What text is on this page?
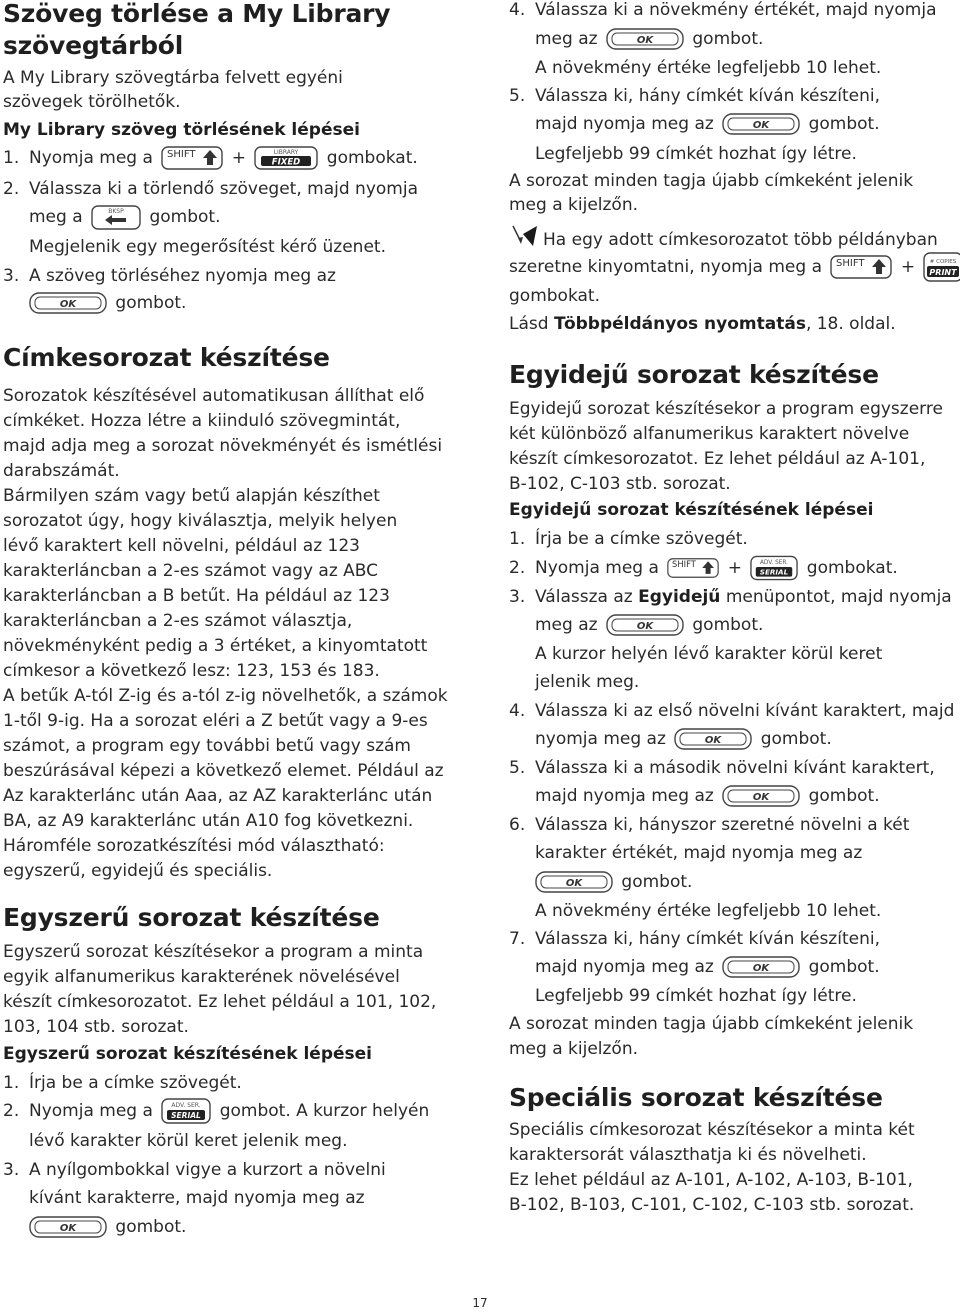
Szöveg törlése a My Library
szövegtárból

A My Library szövegtárba felvett egyéni

szövegek törölhetők.

My Library szöveg törlésének lépései

1. Nyomja meg a SHIFT +	LIBRARY
FIXED gombokat.
2. Válassza ki a törlendő szöveget, majd nyomja
meg a	BKSP gombot.
Megjelenik egy megerősítést kérő üzenet.
3. A szöveg törléséhez nyomja meg az
OK gombot.
Címkesorozat készítése

Sorozatok készítésével automatikusan állíthat elő

címkéket. Hozza létre a kiinduló szövegmintát,

majd adja meg a sorozat növekményét és ismétlési

darabszámát.

Bármilyen szám vagy betű alapján készíthet

sorozatot úgy, hogy kiválasztja, melyik helyen

lévő karaktert kell növelni, például az 123

karakterláncban a 2-es számot vagy az ABC

karakterláncban a B betűt. Ha például az 123

karakterláncban a 2-es számot választja,

növekményként pedig a 3 értéket, a kinyomtatott

címkesor a következő lesz: 123, 153 és 183.

A betűk A-tól Z-ig és a-tól z-ig növelhetők, a számok

1-től 9-ig. Ha a sorozat eléri a Z betűt vagy a 9-es

számot, a program egy további betű vagy szám

beszúrásával képezi a következő elemet. Például az

Az karakterlánc után Aaa, az AZ karakterlánc után

BA, az A9 karakterlánc után A10 fog következni.

Háromféle sorozatkészítési mód választható:

egyszerű, egyidejű és speciális.

Egyszerű sorozat készítése

Egyszerű sorozat készítésekor a program a minta

egyik alfanumerikus karakterének növelésével

készít címkesorozatot. Ez lehet például a 101, 102,

103, 104 stb. sorozat.

Egyszerű sorozat készítésének lépései

1. Írja be a címke szövegét.
2. Nyomja meg a	ADV. SER.
SERIAL gombot. A kurzor helyén
lévő karakter körül keret jelenik meg.
3. A nyílgombokkal vigye a kurzort a növelni
kívánt karakterre, majd nyomja meg az
OK gombot.
4. Válassza ki a növekmény értékét, majd nyomja
meg az	OK gombot.
A növekmény értéke legfeljebb 10 lehet.
5. Válassza ki, hány címkét kíván készíteni,
majd nyomja meg az	OK gombot.
Legfeljebb 99 címkét hozhat így létre.

A sorozat minden tagja újabb címkeként jelenik

meg a kijelzőn.

Ha egy adott címkesorozatot több példányban

szeretne kinyomtatni, nyomja meg a SHIFT +	# COPIES
PRINT

gombokat.

Lásd Többpéldányos nyomtatás, 18. oldal.

Egyidejű sorozat készítése

Egyidejű sorozat készítésekor a program egyszerre

két különböző alfanumerikus karaktert növelve

készít címkesorozatot. Ez lehet például az A-101,

B-102, C-103 stb. sorozat.

Egyidejű sorozat készítésének lépései

1. Írja be a címke szövegét.
2. Nyomja meg a SHIFT +	ADV. SER.
SERIAL gombokat.
3. Válassza az Egyidejű menüpontot, majd nyomja
meg az	OK gombot.
A kurzor helyén lévő karakter körül keret
jelenik meg.
4. Válassza ki az első növelni kívánt karaktert, majd
nyomja meg az	OK gombot.
5. Válassza ki a második növelni kívánt karaktert,
majd nyomja meg az	OK gombot.
6. Válassza ki, hányszor szeretné növelni a két
karakter értékét, majd nyomja meg az
OK gombot.
A növekmény értéke legfeljebb 10 lehet.
7. Válassza ki, hány címkét kíván készíteni,
majd nyomja meg az	OK gombot.
Legfeljebb 99 címkét hozhat így létre.

A sorozat minden tagja újabb címkeként jelenik

meg a kijelzőn.

Speciális sorozat készítése

Speciális címkesorozat készítésekor a minta két

karaktersorát választhatja ki és növelheti.

Ez lehet például az A-101, A-102, A-103, B-101,

B-102, B-103, C-101, C-102, C-103 stb. sorozat.

17
